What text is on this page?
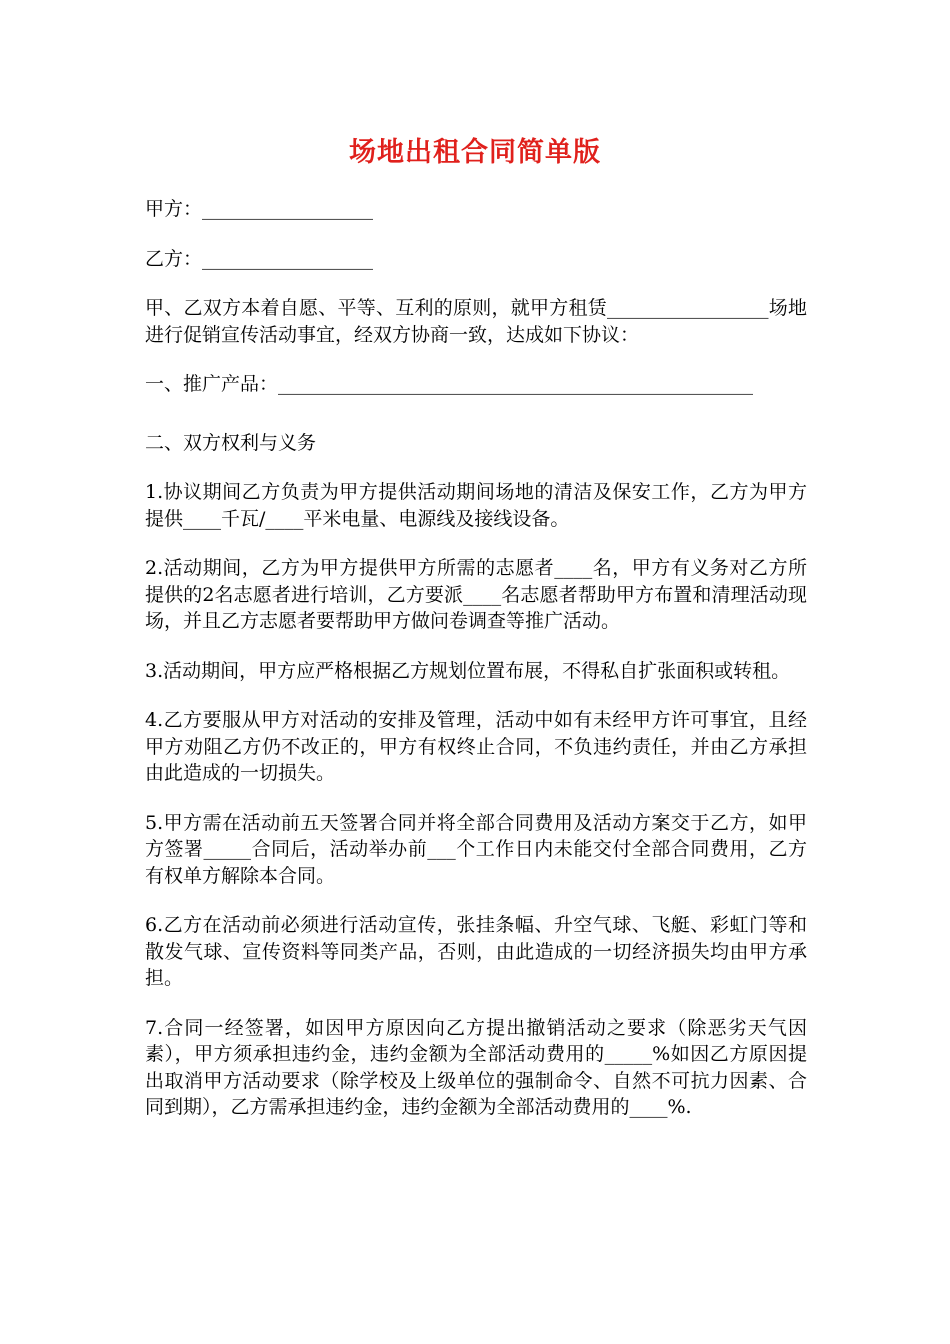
场地出租合同简单版

甲方：__________________

乙方：__________________

甲、乙双方本着自愿、平等、互利的原则，就甲方租赁_________________场地进行促销宣传活动事宜，经双方协商一致，达成如下协议：

一、推广产品：__________________________________________________

二、双方权利与义务

1.协议期间乙方负责为甲方提供活动期间场地的清洁及保安工作，乙方为甲方提供____千瓦/____平米电量、电源线及接线设备。

2.活动期间，乙方为甲方提供甲方所需的志愿者____名，甲方有义务对乙方所提供的2名志愿者进行培训，乙方要派____名志愿者帮助甲方布置和清理活动现场，并且乙方志愿者要帮助甲方做问卷调查等推广活动。

3.活动期间，甲方应严格根据乙方规划位置布展，不得私自扩张面积或转租。

4.乙方要服从甲方对活动的安排及管理，活动中如有未经甲方许可事宜，且经甲方劝阻乙方仍不改正的，甲方有权终止合同，不负违约责任，并由乙方承担由此造成的一切损失。

5.甲方需在活动前五天签署合同并将全部合同费用及活动方案交于乙方，如甲方签署_____合同后，活动举办前___个工作日内未能交付全部合同费用，乙方有权单方解除本合同。

6.乙方在活动前必须进行活动宣传，张挂条幅、升空气球、飞艇、彩虹门等和散发气球、宣传资料等同类产品，否则，由此造成的一切经济损失均由甲方承担。

7.合同一经签署，如因甲方原因向乙方提出撤销活动之要求（除恶劣天气因素），甲方须承担违约金，违约金额为全部活动费用的_____%如因乙方原因提出取消甲方活动要求（除学校及上级单位的强制命令、自然不可抗力因素、合同到期），乙方需承担违约金，违约金额为全部活动费用的____%.
